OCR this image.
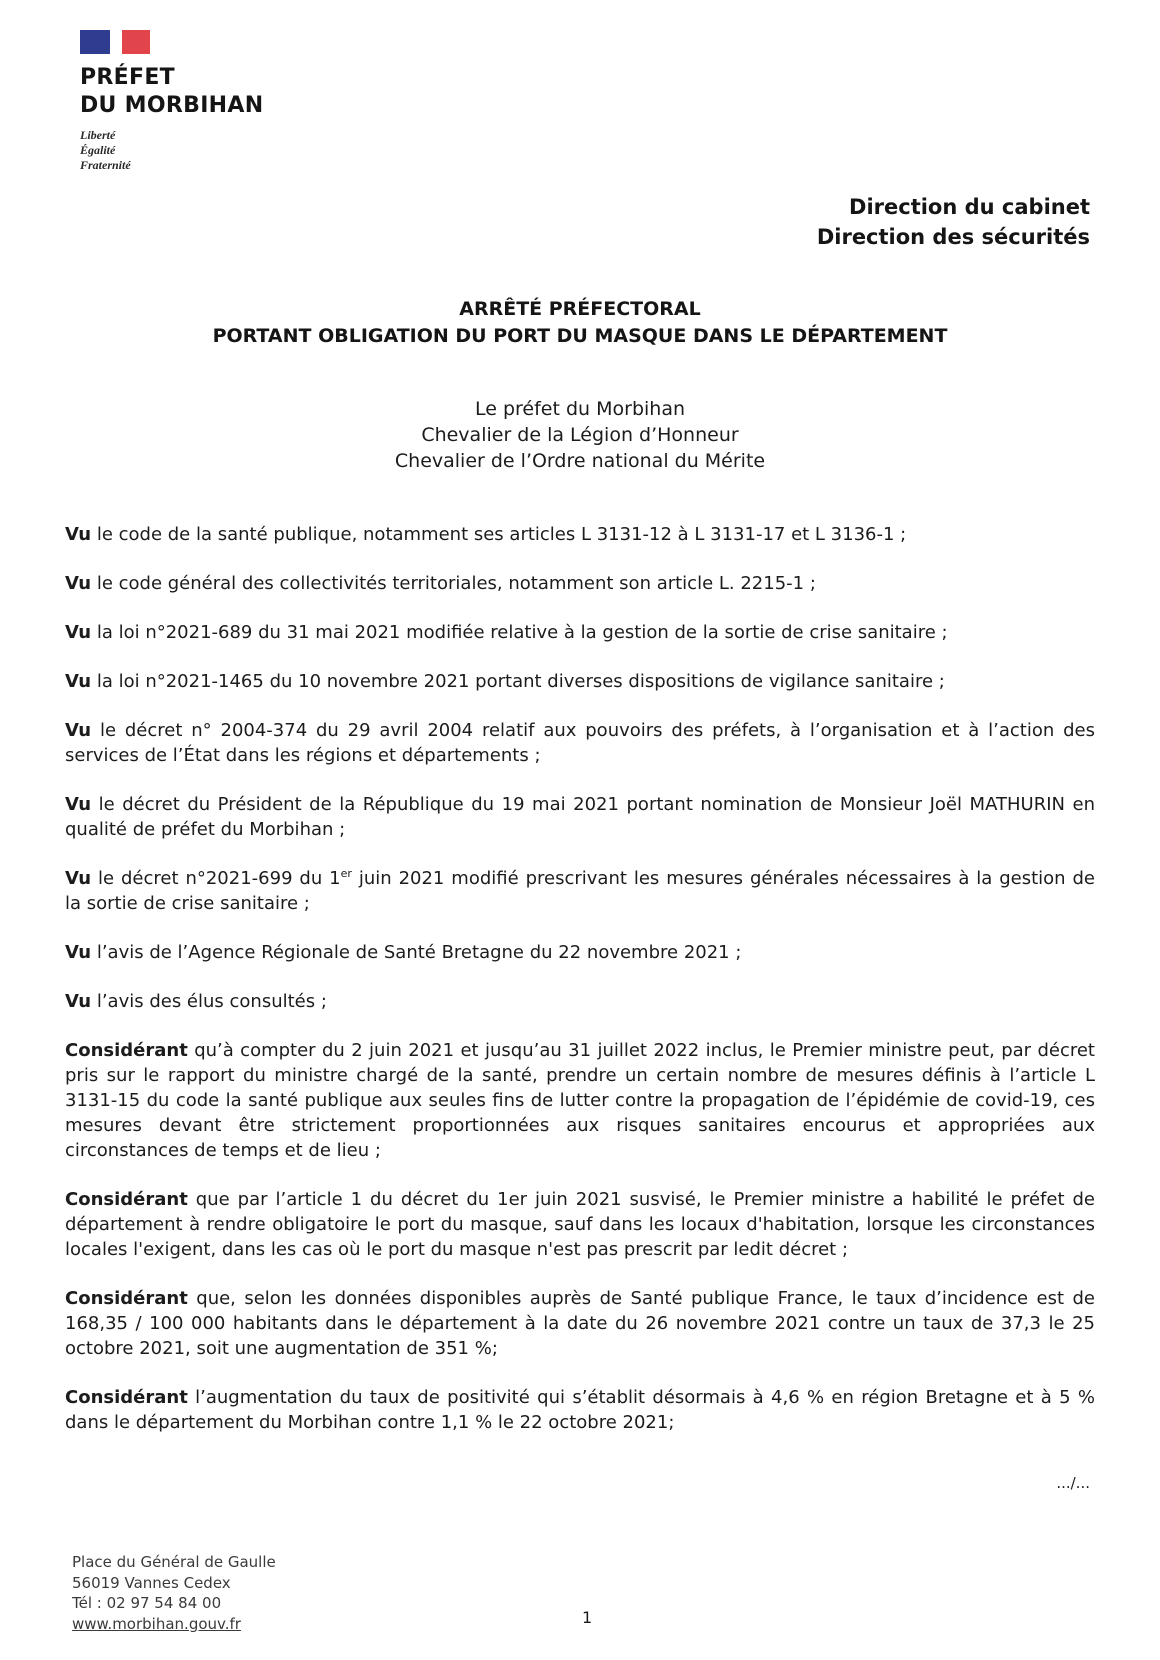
PRÉFET
DU MORBIHAN
Liberté
Égalité
Fraternité
Direction du cabinet
Direction des sécurités
ARRÊTÉ PRÉFECTORAL
PORTANT OBLIGATION DU PORT DU MASQUE DANS LE DÉPARTEMENT
Le préfet du Morbihan
Chevalier de la Légion d’Honneur
Chevalier de l’Ordre national du Mérite

Vu le code de la santé publique, notamment ses articles L 3131-12 à L 3131-17 et L 3136-1 ;

Vu le code général des collectivités territoriales, notamment son article L. 2215-1 ;

Vu la loi n°2021-689 du 31 mai 2021 modifiée relative à la gestion de la sortie de crise sanitaire ;

Vu la loi n°2021-1465 du 10 novembre 2021 portant diverses dispositions de vigilance sanitaire ;

Vu le décret n° 2004-374 du 29 avril 2004 relatif aux pouvoirs des préfets, à l’organisation et à l’action des services de l’État dans les régions et départements ;

Vu le décret du Président de la République du 19 mai 2021 portant nomination de Monsieur Joël MATHURIN en qualité de préfet du Morbihan ;

Vu le décret n°2021-699 du 1er juin 2021 modifié prescrivant les mesures générales nécessaires à la gestion de la sortie de crise sanitaire ;

Vu l’avis de l’Agence Régionale de Santé Bretagne du 22 novembre 2021 ;

Vu l’avis des élus consultés ;

Considérant qu’à compter du 2 juin 2021 et jusqu’au 31 juillet 2022 inclus, le Premier ministre peut, par décret pris sur le rapport du ministre chargé de la santé, prendre un certain nombre de mesures définis à l’article L 3131-15 du code la santé publique aux seules fins de lutter contre la propagation de l’épidémie de covid-19, ces mesures devant être strictement proportionnées aux risques sanitaires encourus et appropriées aux circonstances de temps et de lieu ;

Considérant que par l’article 1 du décret du 1er juin 2021 susvisé, le Premier ministre a habilité le préfet de département à rendre obligatoire le port du masque, sauf dans les locaux d'habitation, lorsque les circonstances locales l'exigent, dans les cas où le port du masque n'est pas prescrit par ledit décret ;

Considérant que, selon les données disponibles auprès de Santé publique France, le taux d’incidence est de 168,35 / 100 000 habitants dans le département à la date du 26 novembre 2021 contre un taux de 37,3 le 25 octobre 2021, soit une augmentation de 351 %;

Considérant l’augmentation du taux de positivité qui s’établit désormais à 4,6 % en région Bretagne et à 5 % dans le département du Morbihan contre 1,1 % le 22 octobre 2021;

.../...
Place du Général de Gaulle
56019 Vannes Cedex
Tél : 02 97 54 84 00
www.morbihan.gouv.fr	1
